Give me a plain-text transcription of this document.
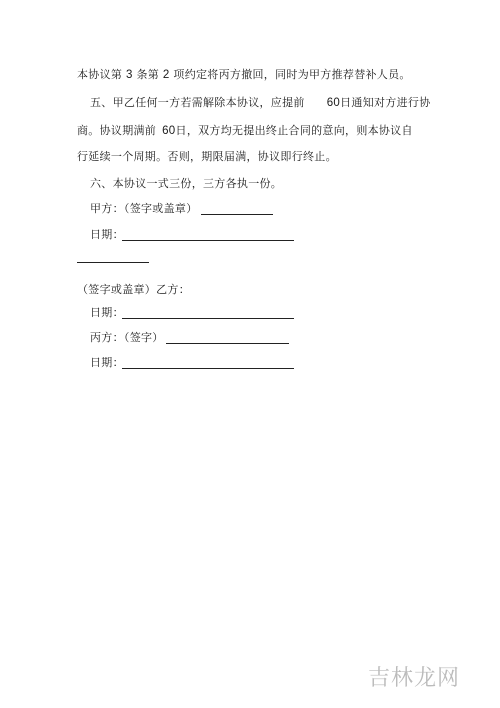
本协议第 3 条第 2 项约定将丙方撤回，同时为甲方推荐替补人员。
五、甲乙任何一方若需解除本协议，应提前 60日通知对方进行协
商。协议期满前 60日，双方均无提出终止合同的意向，则本协议自
行延续一个周期。否则，期限届满，协议即行终止。
六、本协议一式三份，三方各执一份。
甲方：（签字或盖章）
日期：
（签字或盖章）乙方：
日期：
丙方：（签字）
日期：
吉林龙网
